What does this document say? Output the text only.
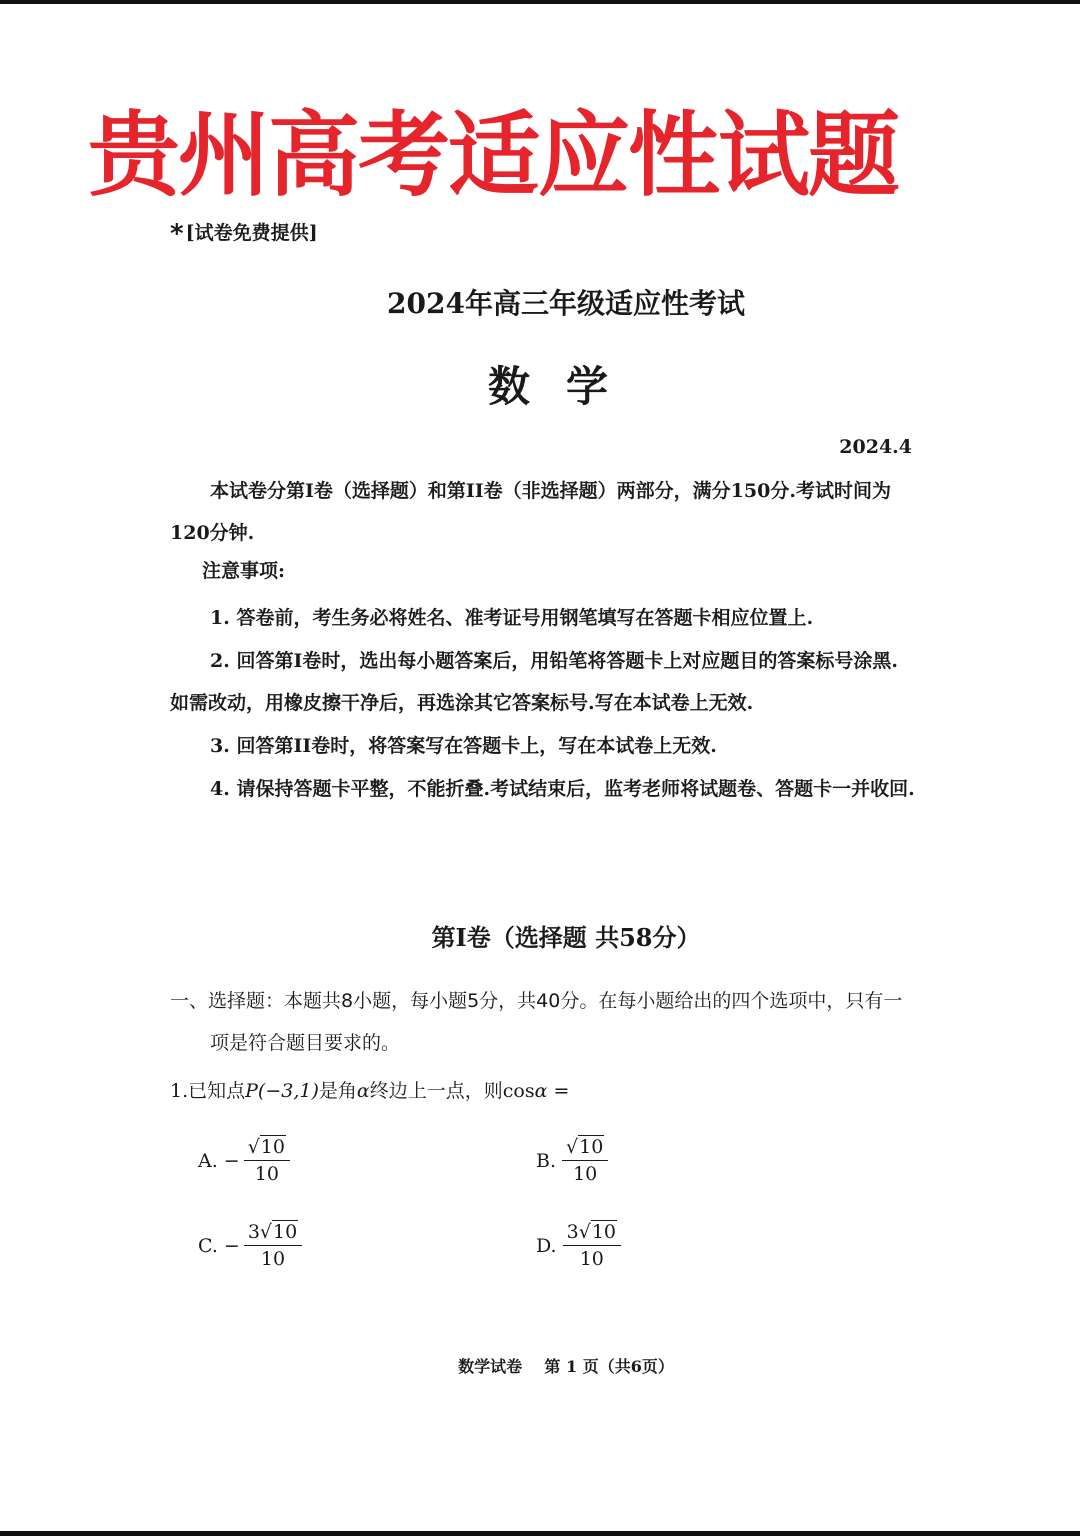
贵州高考适应性试题
* [试卷免费提供]
2024年高三年级适应性考试
数学
2024.4
本试卷分第I卷（选择题）和第II卷（非选择题）两部分，满分150分.考试时间为120分钟.
注意事项:
1. 答卷前，考生务必将姓名、准考证号用钢笔填写在答题卡相应位置上.
2. 回答第I卷时，选出每小题答案后，用铅笔将答题卡上对应题目的答案标号涂黑.如需改动，用橡皮擦干净后，再选涂其它答案标号.写在本试卷上无效.
3. 回答第II卷时，将答案写在答题卡上，写在本试卷上无效.
4. 请保持答题卡平整，不能折叠.考试结束后，监考老师将试题卷、答题卡一并收回.
第I卷（选择题 共58分）
一、选择题：本题共8小题，每小题5分，共40分。在每小题给出的四个选项中，只有一项是符合题目要求的。
1.已知点P(−3,1)是角α终边上一点，则cosα =
A. − $\frac{√10}{10}$	B. $\frac{√10}{10}$
C. − $\frac{3√10}{10}$	D. $\frac{3√10}{10}$
数学试卷    第 1 页（共6页）
